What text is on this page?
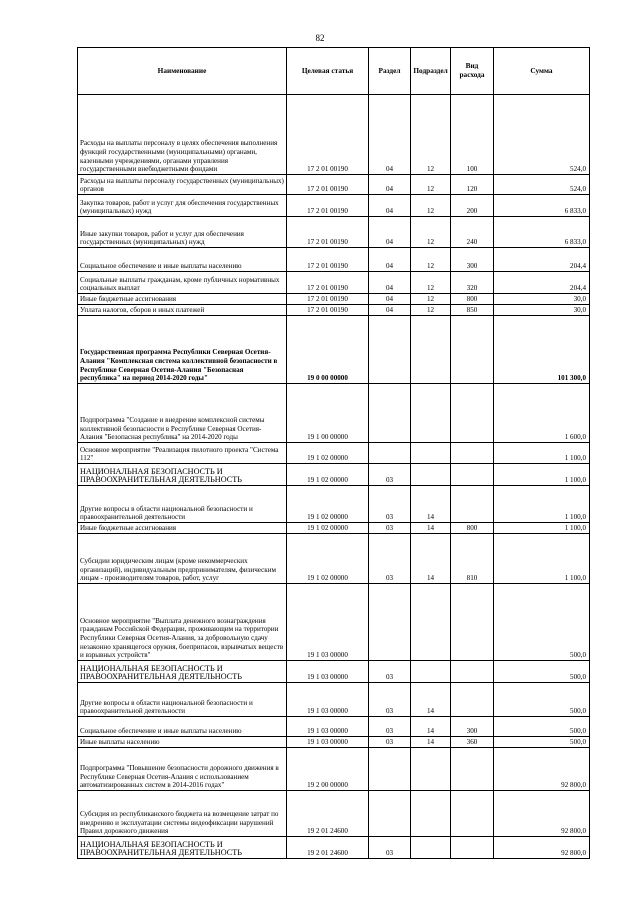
82
Наименование	Целевая статья	Раздел	Подраздел	Вид расхода	Сумма
Расходы на выплаты персоналу в целях обеспечения выполнения функций государственными (муниципальными) органами, казенными учреждениями, органами управления государственными внебюджетными фондами	17 2 01 00190	04	12	100	524,0
Расходы на выплаты персоналу государственных (муниципальных) органов	17 2 01 00190	04	12	120	524,0
Закупка товаров, работ и услуг для обеспечения государственных (муниципальных) нужд	17 2 01 00190	04	12	200	6 833,0
Иные закупки товаров, работ и услуг для обеспечения государственных (муниципальных) нужд	17 2 01 00190	04	12	240	6 833,0
Социальное обеспечение и иные выплаты населению	17 2 01 00190	04	12	300	204,4
Социальные выплаты гражданам, кроме публичных нормативных социальных выплат	17 2 01 00190	04	12	320	204,4
Иные бюджетные ассигнования	17 2 01 00190	04	12	800	30,0
Уплата налогов, сборов и иных платежей	17 2 01 00190	04	12	850	30,0
Государственная программа Республики Северная Осетия-Алания "Комплексная система коллективной безопасности в Республике Северная Осетия-Алания "Безопасная республика" на период 2014-2020 годы"	19 0 00 00000				101 300,0
Подпрограмма "Создание и внедрение комплексной системы коллективной безопасности в Республике Северная Осетия-Алания "Безопасная республика" на 2014-2020 годы	19 1 00 00000				1 600,0
Основное мероприятие "Реализация пилотного проекта "Система 112"	19 1 02 00000				1 100,0
НАЦИОНАЛЬНАЯ БЕЗОПАСНОСТЬ И ПРАВООХРАНИТЕЛЬНАЯ ДЕЯТЕЛЬНОСТЬ	19 1 02 00000	03			1 100,0
Другие вопросы в области национальной безопасности и правоохранительной деятельности	19 1 02 00000	03	14		1 100,0
Иные бюджетные ассигнования	19 1 02 00000	03	14	800	1 100,0
Субсидии юридическим лицам (кроме некоммерческих организаций), индивидуальным предпринимателям, физическим лицам - производителям товаров, работ, услуг	19 1 02 00000	03	14	810	1 100,0
Основное мероприятие "Выплата денежного вознаграждения гражданам Российской Федерации, проживающим на территории Республики Северная Осетия-Алания, за добровольную сдачу незаконно хранящегося оружия, боеприпасов, взрывчатых веществ и взрывных устройств"	19 1 03 00000				500,0
НАЦИОНАЛЬНАЯ БЕЗОПАСНОСТЬ И ПРАВООХРАНИТЕЛЬНАЯ ДЕЯТЕЛЬНОСТЬ	19 1 03 00000	03			500,0
Другие вопросы в области национальной безопасности и правоохранительной деятельности	19 1 03 00000	03	14		500,0
Социальное обеспечение и иные выплаты населению	19 1 03 00000	03	14	300	500,0
Иные выплаты населению	19 1 03 00000	03	14	360	500,0
Подпрограмма "Повышение безопасности дорожного движения в Республике Северная Осетия-Алания с использованием автоматизированных систем в 2014-2016 годах"	19 2 00 00000				92 800,0
Субсидия из республиканского бюджета на возмещение затрат по внедрению и эксплуатации системы видеофиксации нарушений Правил дорожного движения	19 2 01 24600				92 800,0
НАЦИОНАЛЬНАЯ БЕЗОПАСНОСТЬ И ПРАВООХРАНИТЕЛЬНАЯ ДЕЯТЕЛЬНОСТЬ	19 2 01 24600	03			92 800,0
